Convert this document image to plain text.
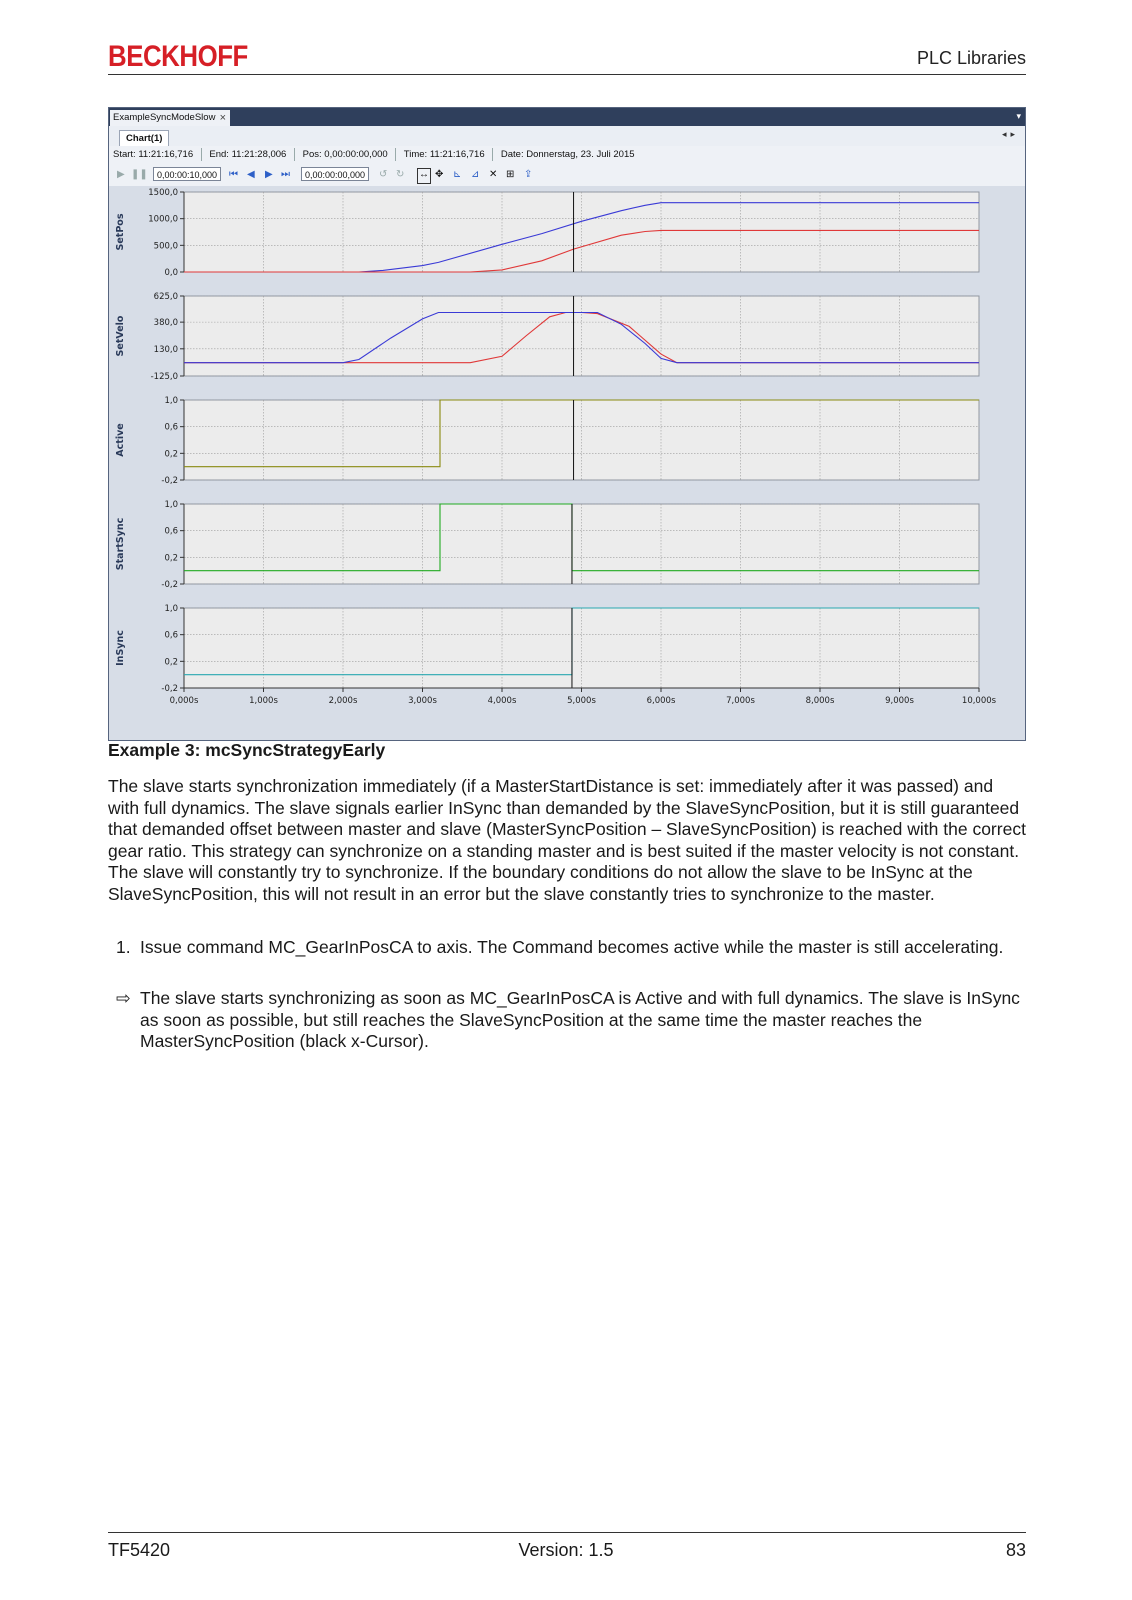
BECKHOFF	PLC Libraries
ExampleSyncModeSlow ×	▾
Chart(1)	◂▸
Start: 11:21:16,716 End: 11:21:28,006 Pos: 0,00:00:00,000 Time: 11:21:16,716 Date: Donnerstag, 23. Juli 2015
▶ ❚❚	0,00:00:10,000	⏮ ◀ ▶ ⏭	0,00:00:00,000	↺ ↻ ↔ ✥ ⊾ ⊿ ✕ ⊞ ⇪
1500,0
1000,0
500,0
0,0
SetPos
625,0
380,0
130,0
-125,0
SetVelo
1,0
0,6
0,2
-0,2
Active
1,0
0,6
0,2
-0,2
StartSync
1,0
0,6
0,2
-0,2
InSync
0,000s	1,000s	2,000s	3,000s	4,000s	5,000s	6,000s	7,000s	8,000s	9,000s	10,000s
Example 3: mcSyncStrategyEarly
The slave starts synchronization immediately (if a MasterStartDistance is set: immediately after it was passed) and with full dynamics. The slave signals earlier InSync than demanded by the SlaveSyncPosition, but it is still guaranteed that demanded offset between master and slave (MasterSyncPosition – SlaveSyncPosition) is reached with the correct gear ratio. This strategy can synchronize on a standing master and is best suited if the master velocity is not constant. The slave will constantly try to synchronize. If the boundary conditions do not allow the slave to be InSync at the SlaveSyncPosition, this will not result in an error but the slave constantly tries to synchronize to the master.
1. Issue command MC_GearInPosCA to axis. The Command becomes active while the master is still accelerating.
⇨ The slave starts synchronizing as soon as MC_GearInPosCA is Active and with full dynamics. The slave is InSync as soon as possible, but still reaches the SlaveSyncPosition at the same time the master reaches the MasterSyncPosition (black x-Cursor).
TF5420	Version: 1.5	83
